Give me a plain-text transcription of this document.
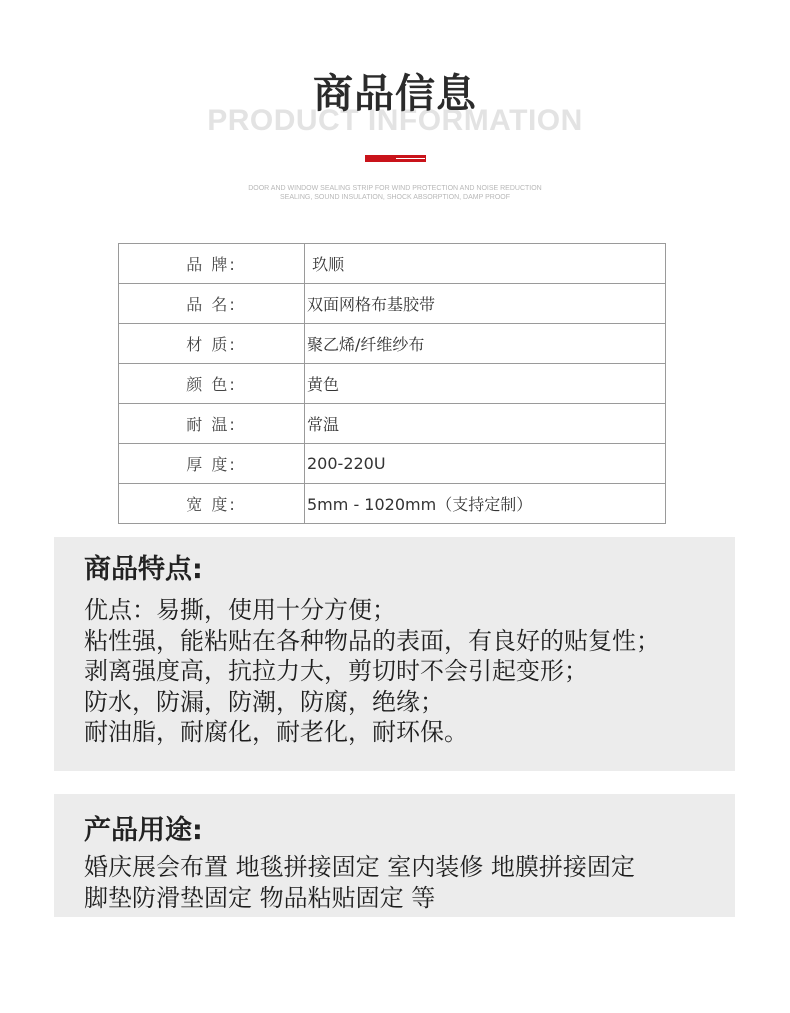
商品信息
PRODUCT INFORMATION
DOOR AND WINDOW SEALING STRIP FOR WIND PROTECTION AND NOISE REDUCTION
SEALING, SOUND INSULATION, SHOCK ABSORPTION, DAMP PROOF
品 牌:	玖顺
品 名:	双面网格布基胶带
材 质:	聚乙烯/纤维纱布
颜 色:	黄色
耐 温:	常温
厚 度:	200-220U
宽 度:	5mm - 1020mm（支持定制）
商品特点:
优点：易撕，使用十分方便；
粘性强，能粘贴在各种物品的表面，有良好的贴复性；
剥离强度高，抗拉力大，剪切时不会引起变形；
防水，防漏，防潮，防腐，绝缘；
耐油脂，耐腐化，耐老化，耐环保。
产品用途:
婚庆展会布置 地毯拼接固定 室内装修 地膜拼接固定
脚垫防滑垫固定 物品粘贴固定 等
